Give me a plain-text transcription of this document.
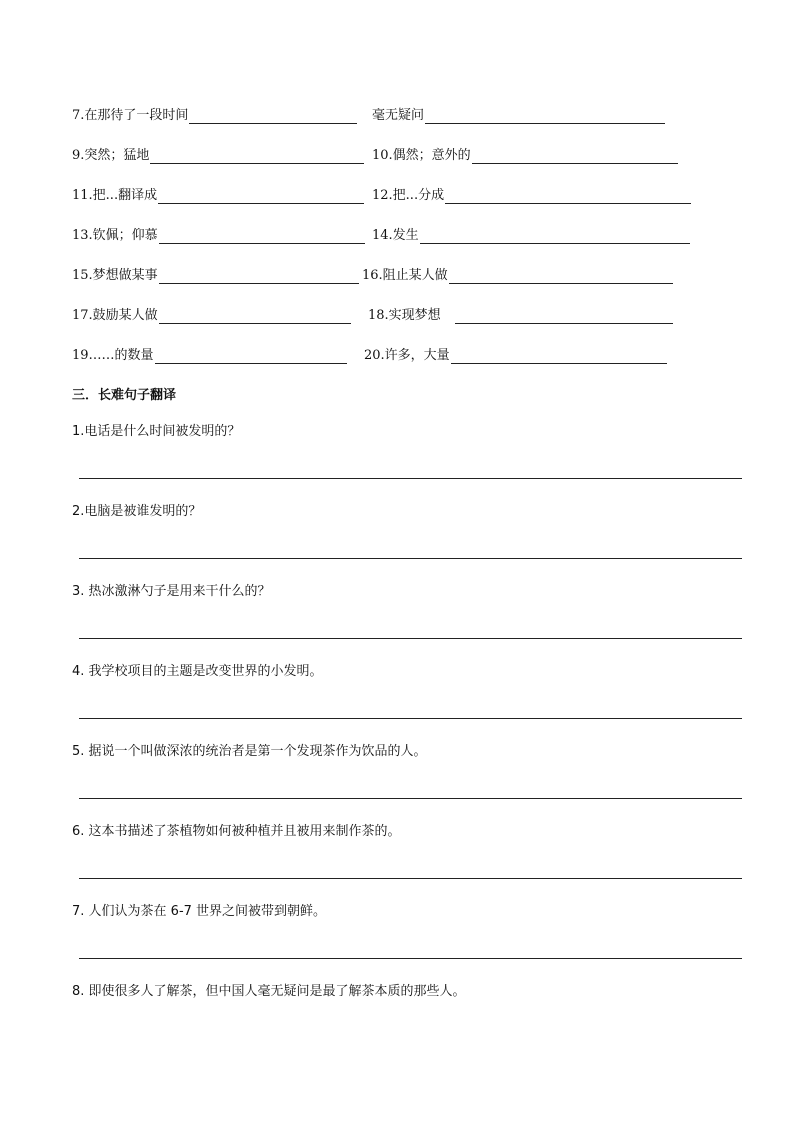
7.在那待了一段时间	毫无疑问
9.突然；猛地	10.偶然；意外的
11.把...翻译成	12.把...分成
13.钦佩；仰慕	14.发生
15.梦想做某事	16.阻止某人做
17.鼓励某人做	18.实现梦想
19……的数量	20.许多，大量
三．长难句子翻译
1.电话是什么时间被发明的？
2.电脑是被谁发明的？
3. 热冰激淋勺子是用来干什么的？
4. 我学校项目的主题是改变世界的小发明。
5. 据说一个叫做深浓的统治者是第一个发现茶作为饮品的人。
6. 这本书描述了茶植物如何被种植并且被用来制作茶的。
7. 人们认为茶在 6-7 世界之间被带到朝鲜。
8. 即使很多人了解茶，但中国人毫无疑问是最了解茶本质的那些人。
